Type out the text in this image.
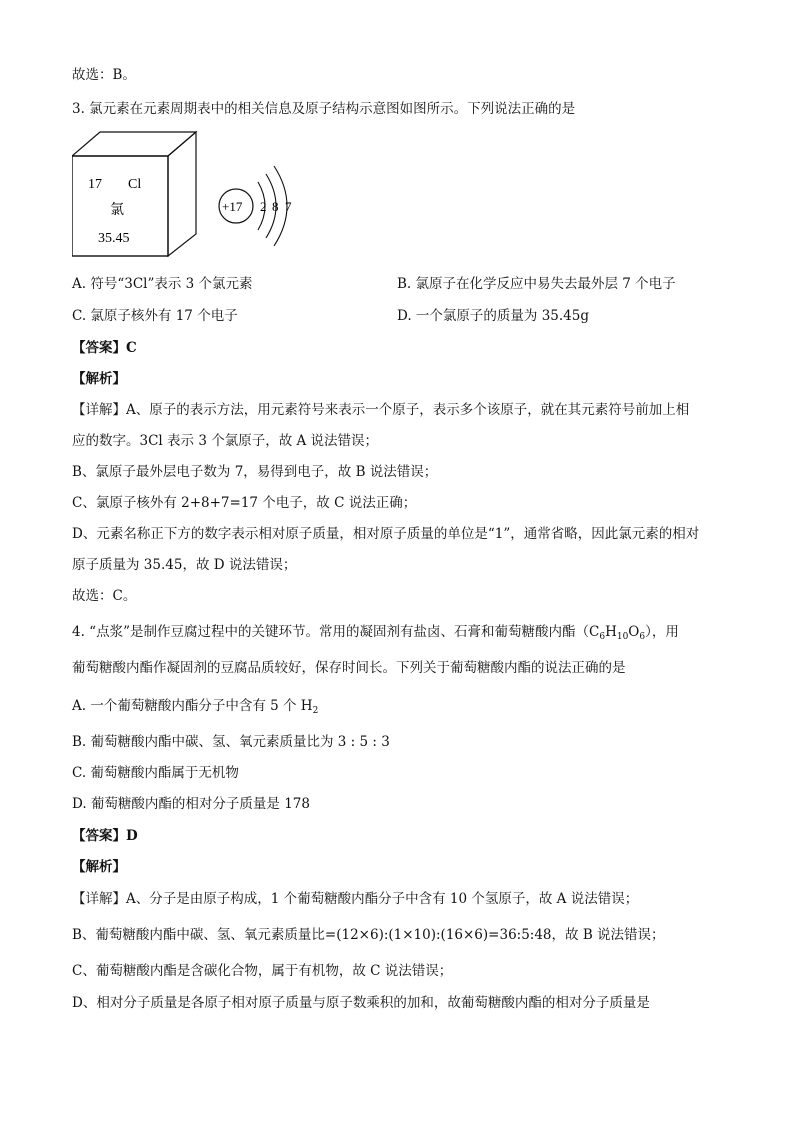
故选：B。
3. 氯元素在元素周期表中的相关信息及原子结构示意图如图所示。下列说法正确的是
17 Cl
氯
35.45
+17 2 8 7
A. 符号“3Cl”表示 3 个氯元素	B. 氯原子在化学反应中易失去最外层 7 个电子
C. 氯原子核外有 17 个电子	D. 一个氯原子的质量为 35.45g
【答案】C
【解析】
【详解】A、原子的表示方法，用元素符号来表示一个原子，表示多个该原子，就在其元素符号前加上相
应的数字。3Cl 表示 3 个氯原子，故 A 说法错误；
B、氯原子最外层电子数为 7，易得到电子，故 B 说法错误；
C、氯原子核外有 2+8+7=17 个电子，故 C 说法正确；
D、元素名称正下方的数字表示相对原子质量，相对原子质量的单位是“1”，通常省略，因此氯元素的相对
原子质量为 35.45，故 D 说法错误；
故选：C。
4. “点浆”是制作豆腐过程中的关键环节。常用的凝固剂有盐卤、石膏和葡萄糖酸内酯$(C_6H_{10}O_6)$，用
葡萄糖酸内酯作凝固剂的豆腐品质较好，保存时间长。下列关于葡萄糖酸内酯的说法正确的是
A. 一个葡萄糖酸内酯分子中含有 5 个 $H_2$
B. 葡萄糖酸内酯中碳、氢、氧元素质量比为 3 : 5 : 3
C. 葡萄糖酸内酯属于无机物
D. 葡萄糖酸内酯的相对分子质量是 178
【答案】D
【解析】
【详解】A、分子是由原子构成，1 个葡萄糖酸内酯分子中含有 10 个氢原子，故 A 说法错误；
B、葡萄糖酸内酯中碳、氢、氧元素质量比=(12×6):(1×10):(16×6)=36:5:48，故 B 说法错误；
C、葡萄糖酸内酯是含碳化合物，属于有机物，故 C 说法错误；
D、相对分子质量是各原子相对原子质量与原子数乘积的加和，故葡萄糖酸内酯的相对分子质量是
